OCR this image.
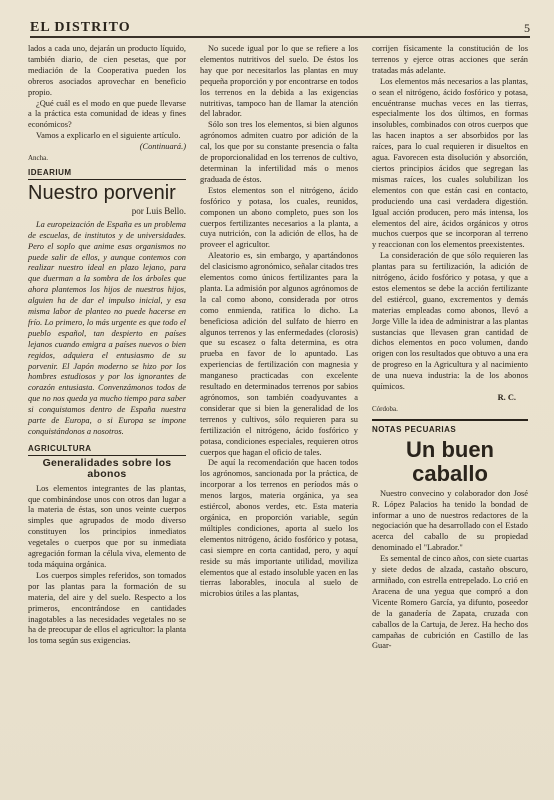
EL DISTRITO	5

lados a cada uno, dejarán un producto líquido, también diario, de cien pesetas, que por mediación de la Cooperativa pueden los obreros asociados aprovechar en beneficio propio.

¿Qué cuál es el modo en que puede llevarse a la práctica esta comunidad de ideas y fines económicos?

Vamos a explicarlo en el siguiente artículo.

(Continuará.)
Ancha.
IDEARIUM
Nuestro porvenir
por Luis Bello.

La europeización de España es un problema de escuelas, de institutos y de universidades. Pero el soplo que anime esas organismos no puede salir de ellos, y aunque contemos con realizar nuestro ideal en plazo lejano, para que duerman a la sombra de los árboles que ahora plantemos los hijos de nuestros hijos, alguien ha de dar el impulso inicial, y esa misma labor de planteo no puede hacerse en frío. Lo primero, lo más urgente es que todo el pueblo español, tan despierto en países lejanos cuando emigra a países nuevos o bien regidos, adquiera el entusiasmo de su porvenir. El Japón moderno se hizo por los hombres estudiosos y por los ignorantes de corazón entusiasta. Convenzámonos todos de que no nos queda ya mucho tiempo para saber si conquistamos dentro de España nuestra parte de Europa, o si Europa se impone conquistándonos a nosotros.

AGRICULTURA
Generalidades sobre los abonos

Los elementos integrantes de las plantas, que combinándose unos con otros dan lugar a la materia de éstas, son unos veinte cuerpos simples que agrupados de modo diverso constituyen los principios inmediatos vegetales o cuerpos que por su inmediata agregación forman la célula viva, elemento de toda máquina orgánica.

Los cuerpos simples referidos, son tomados por las plantas para la formación de su materia, del aire y del suelo. Respecto a los primeros, encontrándose en cantidades inagotables a las necesidades vegetales no se ha de preocupar de ellos el agricultor: la planta los toma según sus exigencias.

No sucede igual por lo que se refiere a los elementos nutritivos del suelo. De éstos los hay que por necesitarlos las plantas en muy pequeña proporción y por encontrarse en todos los terrenos en la debida a las exigencias nutritivas, tampoco han de llamar la atención del labrador.

Sólo son tres los elementos, si bien algunos agrónomos admiten cuatro por adición de la cal, los que por su constante presencia o falta de proporcionalidad en los terrenos de cultivo, determinan la infertilidad más o menos graduada de éstos.

Estos elementos son el nitrógeno, ácido fosfórico y potasa, los cuales, reunidos, componen un abono completo, pues son los cuerpos fertilizantes necesarios a la planta, a cuya nutrición, con la adición de ellos, ha de proveer el agricultor.

Aleatorio es, sin embargo, y apartándonos del clasicismo agronómico, señalar citados tres elementos como únicos fertilizantes para la planta. La admisión por algunos agrónomos de la cal como abono, considerada por otros como enmienda, ratifica lo dicho. La beneficiosa adición del sulfato de hierro en algunos terrenos y las enfermedades (clorosis) que su escasez o falta determina, es otra prueba en favor de lo apuntado. Las experiencias de fertilización con magnesia y manganeso practicadas con excelente resultado en determinados terrenos por sabios agrónomos, son también coadyuvantes a considerar que si bien la generalidad de los terrenos y cultivos, sólo requieren para su fertilización el nitrógeno, ácido fosfórico y potasa, condiciones especiales, requieren otros cuerpos que hagan el oficio de tales.

De aquí la recomendación que hacen todos los agrónomos, sancionada por la práctica, de incorporar a los terrenos en períodos más o menos largos, materia orgánica, ya sea estiércol, abonos verdes, etc. Esta materia orgánica, en proporción variable, según múltiples condiciones, aporta al suelo los elementos nitrógeno, ácido fosfórico y potasa, casi siempre en corta cantidad, pero, y aquí reside su más importante utilidad, moviliza elementos que al estado insoluble yacen en las tierras laborables, inocula al suelo de microbios útiles a las plantas,

corrijen físicamente la constitución de los terrenos y ejerce otras acciones que serán tratadas más adelante.

Los elementos más necesarios a las plantas, o sean el nitrógeno, ácido fosfórico y potasa, encuéntranse muchas veces en las tierras, especialmente los dos últimos, en formas insolubles, combinados con otros cuerpos que las hacen inaptos a ser absorbidos por las raíces, para lo cual requieren ir disueltos en agua. Favorecen esta disolución y absorción, ciertos principios ácidos que segregan las mismas raíces, los cuales solubilizan los elementos con que están casi en contacto, produciendo una casi verdadera digestión. Igual acción producen, pero más intensa, los elementos del aire, ácidos orgánicos y otros muchos cuerpos que se incorporan al terreno y reaccionan con los elementos preexistentes.

La consideración de que sólo requieren las plantas para su fertilización, la adición de nitrógeno, ácido fosfórico y potasa, y que a estos elementos se debe la acción fertilizante del estiércol, guano, excrementos y demás materias empleadas como abonos, llevó a Jorge Ville la idea de administrar a las plantas sustancias que llevasen gran cantidad de dichos elementos en poco volumen, dando origen con los resultados que obtuvo a una era de progreso en la Agricultura y al nacimiento de una nueva industria: la de los abonos químicos.

R. C.
Córdoba.
NOTAS PECUARIAS
Un buen caballo

Nuestro convecino y colaborador don José R. López Palacios ha tenido la bondad de informar a uno de nuestros redactores de la negociación que ha desarrollado con el Estado acerca del caballo de su propiedad denominado el "Labrador."

Es semental de cinco años, con siete cuartas y siete dedos de alzada, castaño obscuro, armiñado, con estrella entrepelado. Lo crió en Aracena de una yegua que compró a don Vicente Romero García, ya difunto, poseedor de la ganadería de Zapata, cruzada con caballos de la Cartuja, de Jerez. Ha hecho dos campañas de cubrición en Castillo de las Guar-
